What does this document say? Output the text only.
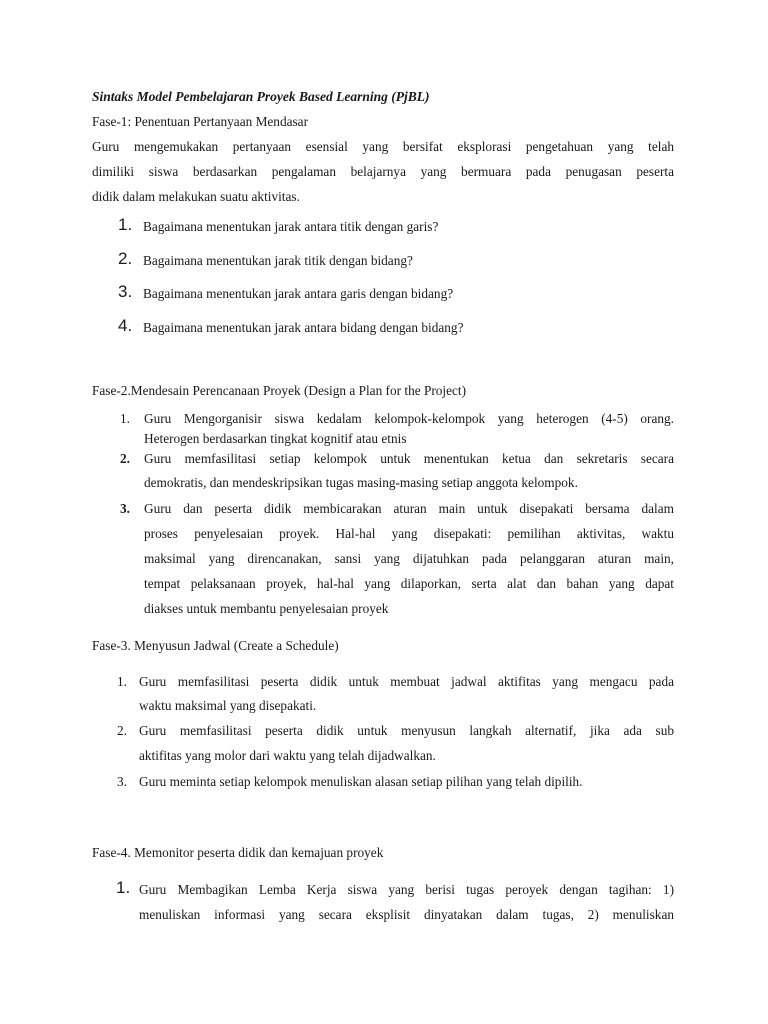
Sintaks Model Pembelajaran Proyek Based Learning (PjBL)
Fase-1: Penentuan Pertanyaan Mendasar
Guru mengemukakan pertanyaan esensial yang bersifat eksplorasi pengetahuan yang telah
dimiliki siswa berdasarkan pengalaman belajarnya yang bermuara pada penugasan peserta
didik dalam melakukan suatu aktivitas.
1. Bagaimana menentukan jarak antara titik dengan garis?
2. Bagaimana menentukan jarak titik dengan bidang?
3. Bagaimana menentukan jarak antara garis dengan bidang?
4. Bagaimana menentukan jarak antara bidang dengan bidang?
Fase-2.Mendesain Perencanaan Proyek (Design a Plan for the Project)
1. Guru Mengorganisir siswa kedalam kelompok-kelompok yang heterogen (4-5) orang.
Heterogen berdasarkan tingkat kognitif atau etnis
2. Guru memfasilitasi setiap kelompok untuk menentukan ketua dan sekretaris secara
demokratis, dan mendeskripsikan tugas masing-masing setiap anggota kelompok.
3. Guru dan peserta didik membicarakan aturan main untuk disepakati bersama dalam
proses penyelesaian proyek. Hal-hal yang disepakati: pemilihan aktivitas, waktu
maksimal yang direncanakan, sansi yang dijatuhkan pada pelanggaran aturan main,
tempat pelaksanaan proyek, hal-hal yang dilaporkan, serta alat dan bahan yang dapat
diakses untuk membantu penyelesaian proyek
Fase-3. Menyusun Jadwal (Create a Schedule)
1. Guru memfasilitasi peserta didik untuk membuat jadwal aktifitas yang mengacu pada
waktu maksimal yang disepakati.
2. Guru memfasilitasi peserta didik untuk menyusun langkah alternatif, jika ada sub
aktifitas yang molor dari waktu yang telah dijadwalkan.
3. Guru meminta setiap kelompok menuliskan alasan setiap pilihan yang telah dipilih.
Fase-4. Memonitor peserta didik dan kemajuan proyek
1. Guru Membagikan Lemba Kerja siswa yang berisi tugas peroyek dengan tagihan: 1)
menuliskan informasi yang secara eksplisit dinyatakan dalam tugas, 2) menuliskan
